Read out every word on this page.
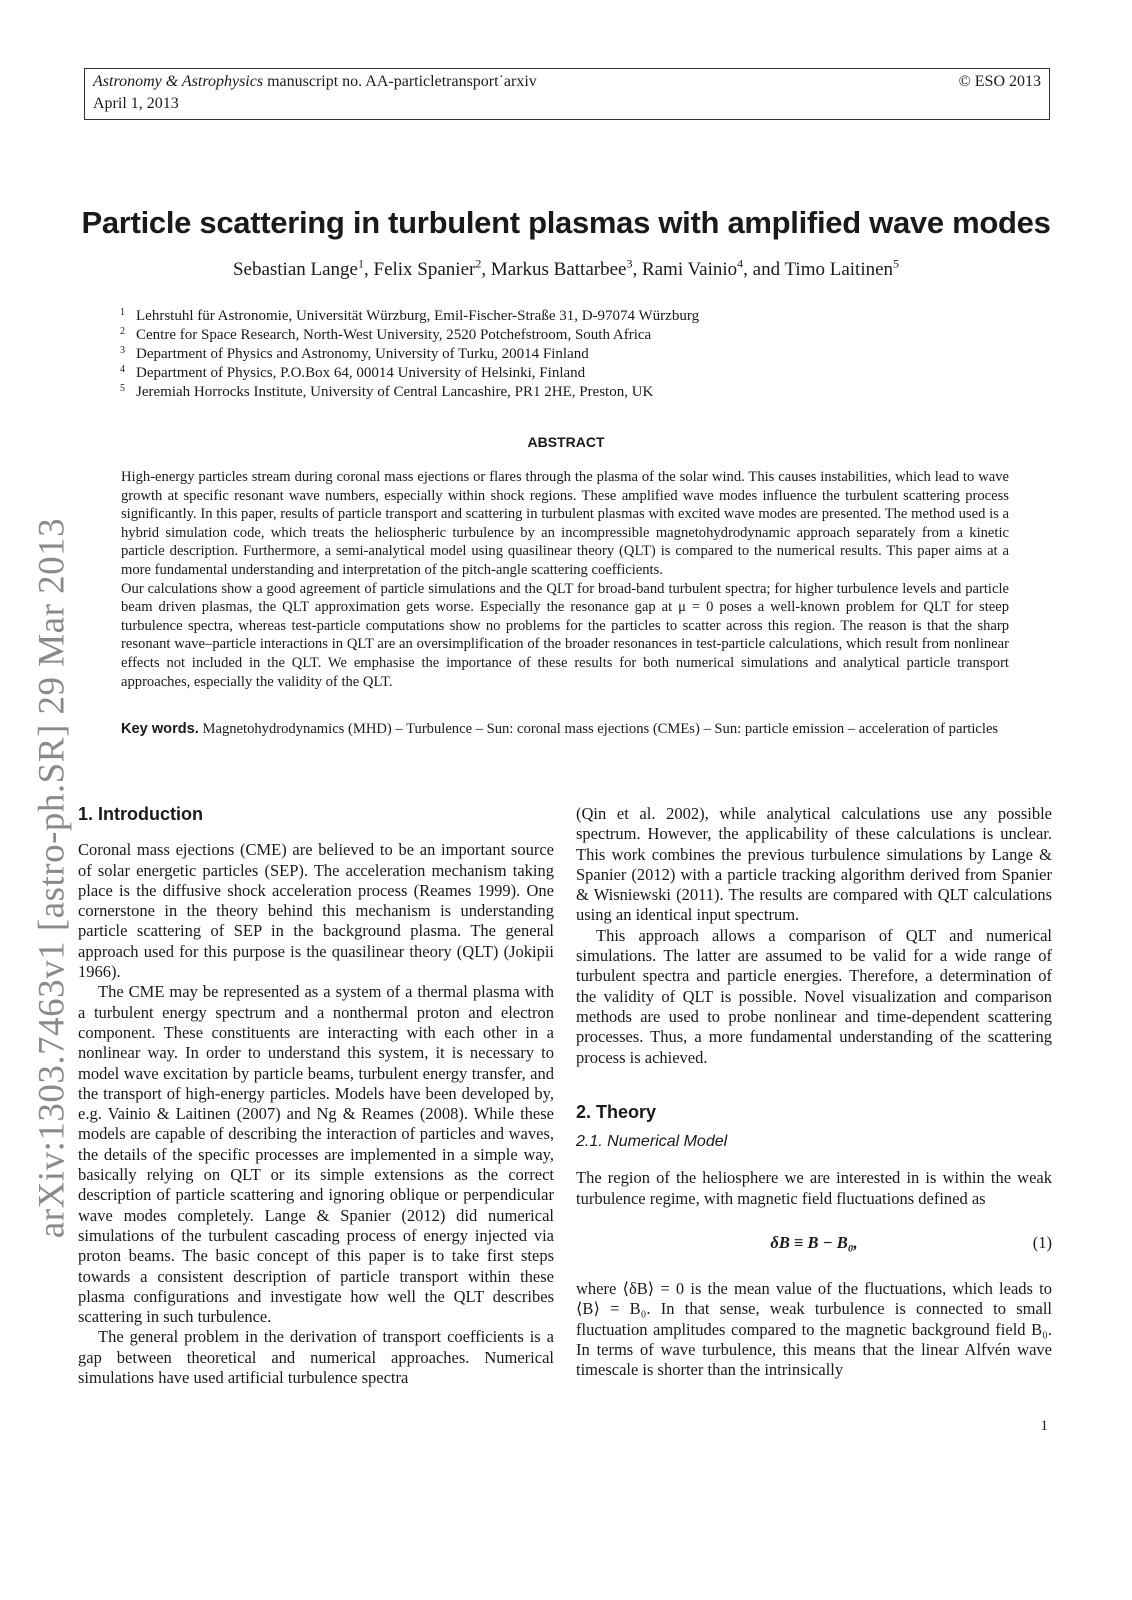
Astronomy & Astrophysics manuscript no. AA-particletransport˙arxiv
April 1, 2013
© ESO 2013
Particle scattering in turbulent plasmas with amplified wave modes
Sebastian Lange$^1$, Felix Spanier$^2$, Markus Battarbee$^3$, Rami Vainio$^4$, and Timo Laitinen$^5$
1 Lehrstuhl für Astronomie, Universität Würzburg, Emil-Fischer-Straße 31, D-97074 Würzburg
2 Centre for Space Research, North-West University, 2520 Potchefstroom, South Africa
3 Department of Physics and Astronomy, University of Turku, 20014 Finland
4 Department of Physics, P.O.Box 64, 00014 University of Helsinki, Finland
5 Jeremiah Horrocks Institute, University of Central Lancashire, PR1 2HE, Preston, UK
ABSTRACT

High-energy particles stream during coronal mass ejections or flares through the plasma of the solar wind. This causes instabilities, which lead to wave growth at specific resonant wave numbers, especially within shock regions. These amplified wave modes influence the turbulent scattering process significantly. In this paper, results of particle transport and scattering in turbulent plasmas with excited wave modes are presented. The method used is a hybrid simulation code, which treats the heliospheric turbulence by an incompressible magnetohydrodynamic approach separately from a kinetic particle description. Furthermore, a semi-analytical model using quasilinear theory (QLT) is compared to the numerical results. This paper aims at a more fundamental understanding and interpretation of the pitch-angle scattering coefficients.

Our calculations show a good agreement of particle simulations and the QLT for broad-band turbulent spectra; for higher turbulence levels and particle beam driven plasmas, the QLT approximation gets worse. Especially the resonance gap at μ = 0 poses a well-known problem for QLT for steep turbulence spectra, whereas test-particle computations show no problems for the particles to scatter across this region. The reason is that the sharp resonant wave–particle interactions in QLT are an oversimplification of the broader resonances in test-particle calculations, which result from nonlinear effects not included in the QLT. We emphasise the importance of these results for both numerical simulations and analytical particle transport approaches, especially the validity of the QLT.

Key words. Magnetohydrodynamics (MHD) – Turbulence – Sun: coronal mass ejections (CMEs) – Sun: particle emission – acceleration of particles
arXiv:1303.7463v1 [astro-ph.SR] 29 Mar 2013 1. Introduction

Coronal mass ejections (CME) are believed to be an important source of solar energetic particles (SEP). The acceleration mechanism taking place is the diffusive shock acceleration process (Reames 1999). One cornerstone in the theory behind this mechanism is understanding particle scattering of SEP in the background plasma. The general approach used for this purpose is the quasilinear theory (QLT) (Jokipii 1966).

The CME may be represented as a system of a thermal plasma with a turbulent energy spectrum and a nonthermal proton and electron component. These constituents are interacting with each other in a nonlinear way. In order to understand this system, it is necessary to model wave excitation by particle beams, turbulent energy transfer, and the transport of high-energy particles. Models have been developed by, e.g. Vainio & Laitinen (2007) and Ng & Reames (2008). While these models are capable of describing the interaction of particles and waves, the details of the specific processes are implemented in a simple way, basically relying on QLT or its simple extensions as the correct description of particle scattering and ignoring oblique or perpendicular wave modes completely. Lange & Spanier (2012) did numerical simulations of the turbulent cascading process of energy injected via proton beams. The basic concept of this paper is to take first steps towards a consistent description of particle transport within these plasma configurations and investigate how well the QLT describes scattering in such turbulence.

The general problem in the derivation of transport coefficients is a gap between theoretical and numerical approaches. Numerical simulations have used artificial turbulence spectra

(Qin et al. 2002), while analytical calculations use any possible spectrum. However, the applicability of these calculations is unclear. This work combines the previous turbulence simulations by Lange & Spanier (2012) with a particle tracking algorithm derived from Spanier & Wisniewski (2011). The results are compared with QLT calculations using an identical input spectrum.

This approach allows a comparison of QLT and numerical simulations. The latter are assumed to be valid for a wide range of turbulent spectra and particle energies. Therefore, a determination of the validity of QLT is possible. Novel visualization and comparison methods are used to probe nonlinear and time-dependent scattering processes. Thus, a more fundamental understanding of the scattering process is achieved.

2. Theory
2.1. Numerical Model

The region of the heliosphere we are interested in is within the weak turbulence regime, with magnetic field fluctuations defined as

δB ≡ B − B₀,	(1)

where ⟨δB⟩ = 0 is the mean value of the fluctuations, which leads to ⟨B⟩ = B₀. In that sense, weak turbulence is connected to small fluctuation amplitudes compared to the magnetic background field B₀. In terms of wave turbulence, this means that the linear Alfvén wave timescale is shorter than the intrinsically

1
